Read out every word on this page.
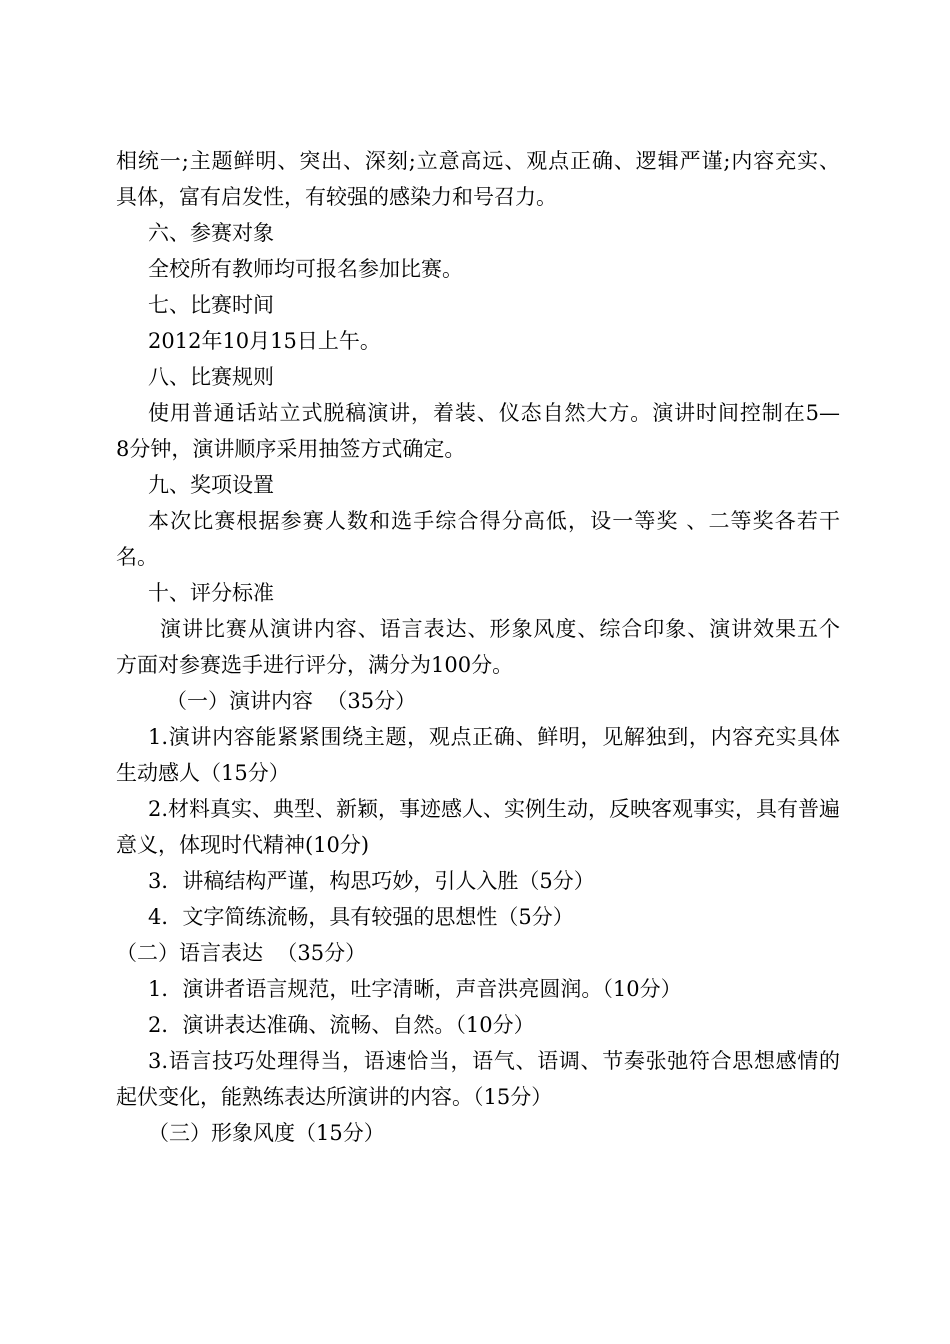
相统一;主题鲜明、突出、深刻;立意高远、观点正确、逻辑严谨;内容充实、
具体，富有启发性，有较强的感染力和号召力。
六、参赛对象
全校所有教师均可报名参加比赛。
七、比赛时间
2012年10月15日上午。
八、比赛规则
使用普通话站立式脱稿演讲，着装、仪态自然大方。演讲时间控制在5—
8分钟，演讲顺序采用抽签方式确定。
九、奖项设置
本次比赛根据参赛人数和选手综合得分高低，设一等奖 、二等奖各若干
名。
十、评分标准
演讲比赛从演讲内容、语言表达、形象风度、综合印象、演讲效果五个
方面对参赛选手进行评分，满分为100分。
（一）演讲内容  （35分）
1.演讲内容能紧紧围绕主题，观点正确、鲜明，见解独到，内容充实具体
生动感人（15分）
2.材料真实、典型、新颖，事迹感人、实例生动，反映客观事实，具有普遍
意义，体现时代精神(10分)
3．讲稿结构严谨，构思巧妙，引人入胜（5分）
4．文字简练流畅，具有较强的思想性（5分）
（二）语言表达  （35分）
1．演讲者语言规范，吐字清晰，声音洪亮圆润。（10分）
2．演讲表达准确、流畅、自然。（10分）
3.语言技巧处理得当，语速恰当，语气、语调、节奏张弛符合思想感情的
起伏变化，能熟练表达所演讲的内容。（15分）
（三）形象风度（15分）
